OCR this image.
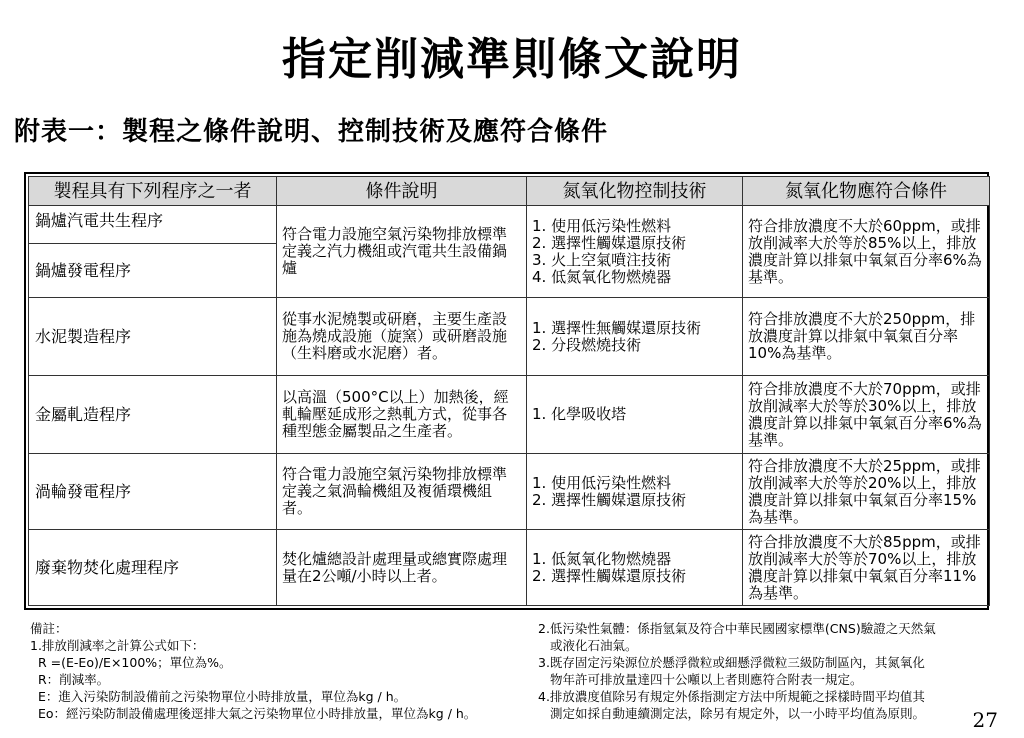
指定削減準則條文說明
附表一：製程之條件說明、控制技術及應符合條件
製程具有下列程序之一者	條件說明	氮氧化物控制技術	氮氧化物應符合條件
鍋爐汽電共生程序	符合電力設施空氣污染物排放標準定義之汽力機組或汽電共生設備鍋爐	1. 使用低污染性燃料
2. 選擇性觸媒還原技術
3. 火上空氣噴注技術
4. 低氮氧化物燃燒器	符合排放濃度不大於60ppm，或排放削減率大於等於85%以上，排放濃度計算以排氣中氧氣百分率6%為基準。
鍋爐發電程序			
水泥製造程序	從事水泥燒製或研磨，主要生產設施為燒成設施（旋窯）或研磨設施（生料磨或水泥磨）者。	1. 選擇性無觸媒還原技術
2. 分段燃燒技術	符合排放濃度不大於250ppm，排放濃度計算以排氣中氧氣百分率10%為基準。
金屬軋造程序	以高溫（500°C以上）加熱後，經軋輪壓延成形之熱軋方式，從事各種型態金屬製品之生產者。	1. 化學吸收塔	符合排放濃度不大於70ppm，或排放削減率大於等於30%以上，排放濃度計算以排氣中氧氣百分率6%為基準。
渦輪發電程序	符合電力設施空氣污染物排放標準定義之氣渦輪機組及複循環機組者。	1. 使用低污染性燃料
2. 選擇性觸媒還原技術	符合排放濃度不大於25ppm，或排放削減率大於等於20%以上，排放濃度計算以排氣中氧氣百分率15%為基準。
廢棄物焚化處理程序	焚化爐總設計處理量或總實際處理量在2公噸/小時以上者。	1. 低氮氧化物燃燒器
2. 選擇性觸媒還原技術	符合排放濃度不大於85ppm，或排放削減率大於等於70%以上，排放濃度計算以排氣中氧氣百分率11%為基準。
備註：
1.排放削減率之計算公式如下：
R =(E-Eo)/E×100%；單位為%。
R：削減率。
E：進入污染防制設備前之污染物單位小時排放量，單位為kg / h。
Eo：經污染防制設備處理後逕排大氣之污染物單位小時排放量，單位為kg / h。
2.低污染性氣體：係指氫氣及符合中華民國國家標準(CNS)驗證之天然氣
或液化石油氣。
3.既存固定污染源位於懸浮微粒或細懸浮微粒三級防制區內，其氮氧化
物年許可排放量達四十公噸以上者則應符合附表一規定。
4.排放濃度值除另有規定外係指測定方法中所規範之採樣時間平均值其
測定如採自動連續測定法，除另有規定外，以一小時平均值為原則。	27
